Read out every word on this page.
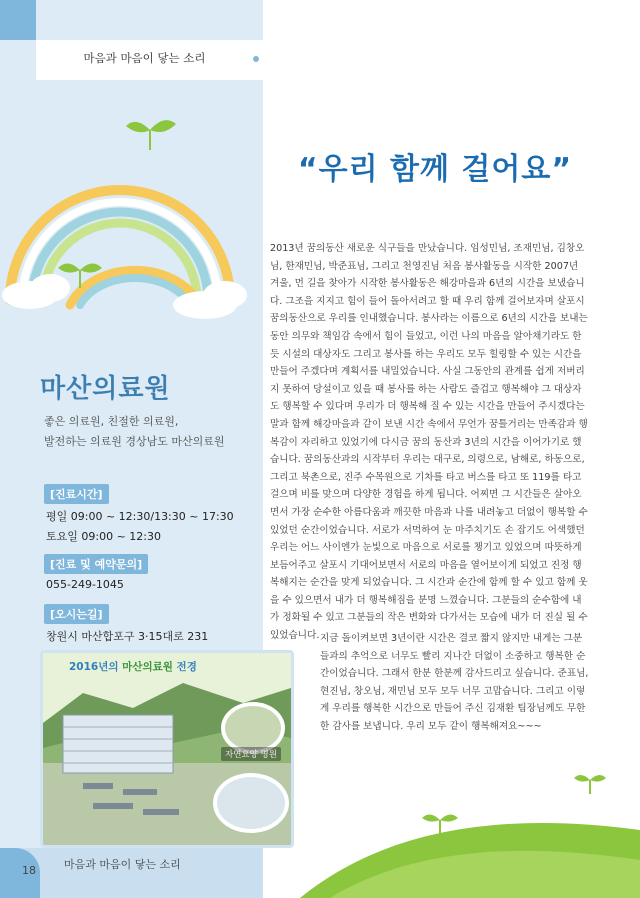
마음과 마음이 닿는 소리
마산의료원
좋은 의료원, 친절한 의료원,
발전하는 의료원 경상남도 마산의료원
[진료시간]
평일 09:00 ~ 12:30/13:30 ~ 17:30
토요일 09:00 ~ 12:30
[진료 및 예약문의]
055-249-1045
[오시는길]
창원시 마산합포구 3·15대로 231
2016년의 마산의료원 전경
자연요양 명원
18	마음과 마음이 닿는 소리
“우리 함께 걸어요”
2013년 꿈의동산 새로운 식구들을 만났습니다. 임성민님, 조재민님, 김창오님, 한재민님, 박준표님, 그리고 천영진님 처음 봉사활동을 시작한 2007년 겨울, 먼 길을 찾아가 시작한 봉사활동은 해강마을과 6년의 시간을 보냈습니다. 그조을 지지고 힘이 들어 돌아서려고 할 때 우리 함께 걸어보자며 살포시 꿈의동산으로 우리를 인내했습니다. 봉사라는 이름으로 6년의 시간을 보내는 동안 의무와 책임감 속에서 힘이 들었고, 이런 나의 마음을 알아채기라도 한 듯 시설의 대상자도 그리고 봉사를 하는 우리도 모두 힐링할 수 있는 시간을 만들어 주겠다며 계획서를 내밀었습니다. 사실 그동안의 관계를 쉽게 저버리지 못하여 당설이고 있을 때 봉사를 하는 사람도 즐겁고 행복해야 그 대상자도 행복할 수 있다며 우리가 더 행복해 질 수 있는 시간을 만들어 주시겠다는 말과 함께 해강마을과 같이 보낸 시간 속에서 무언가 꿈틀거리는 만족감과 행복감이 자리하고 있었기에 다시금 꿈의 동산과 3년의 시간을 이어가기로 했습니다. 꿈의동산과의 시작부터 우리는 대구로, 의령으로, 남해로, 하동으로, 그리고 북촌으로, 진주 수목원으로 기차를 타고 버스를 타고 또 119를 타고 걸으며 비를 맞으며 다양한 경험을 하게 됩니다. 어찌면 그 시간들은 살아오면서 가장 순수한 아름다움과 깨끗한 마음과 나를 내려놓고 더없이 행복할 수 있었던 순간이었습니다. 서로가 서먹하여 눈 마주치기도 손 잡기도 어색했던 우리는 어느 사이엔가 눈빛으로 마음으로 서로를 챙기고 있었으며 따뜻하게 보듬어주고 살포시 기대어보면서 서로의 마음을 열어보이게 되었고 진정 행복해지는 순간을 맞게 되었습니다. 그 시간과 순간에 함께 할 수 있고 함께 웃을 수 있으면서 내가 더 행복해짐을 분명 느꼈습니다. 그분들의 순수함에 내가 정화될 수 있고 그분들의 작은 변화와 다가서는 모습에 내가 더 진실 될 수 있었습니다. 지금 돌이켜보면 3년이란 시간은 결코 짧지 않지만 내게는 그분들과의 추억으로 너무도 빨리 지나간 더없이 소중하고 행복한 순간이었습니다. 그래서 한분 한분께 감사드리고 싶습니다. 준표님, 현진님, 창오님, 재민님 모두 모두 너무 고맙습니다. 그리고 이렇게 우리를 행복한 시간으로 만들어 주신 김재환 팀장님께도 무한한 감사를 보냅니다. 우리 모두 같이 행복해져요~~~
